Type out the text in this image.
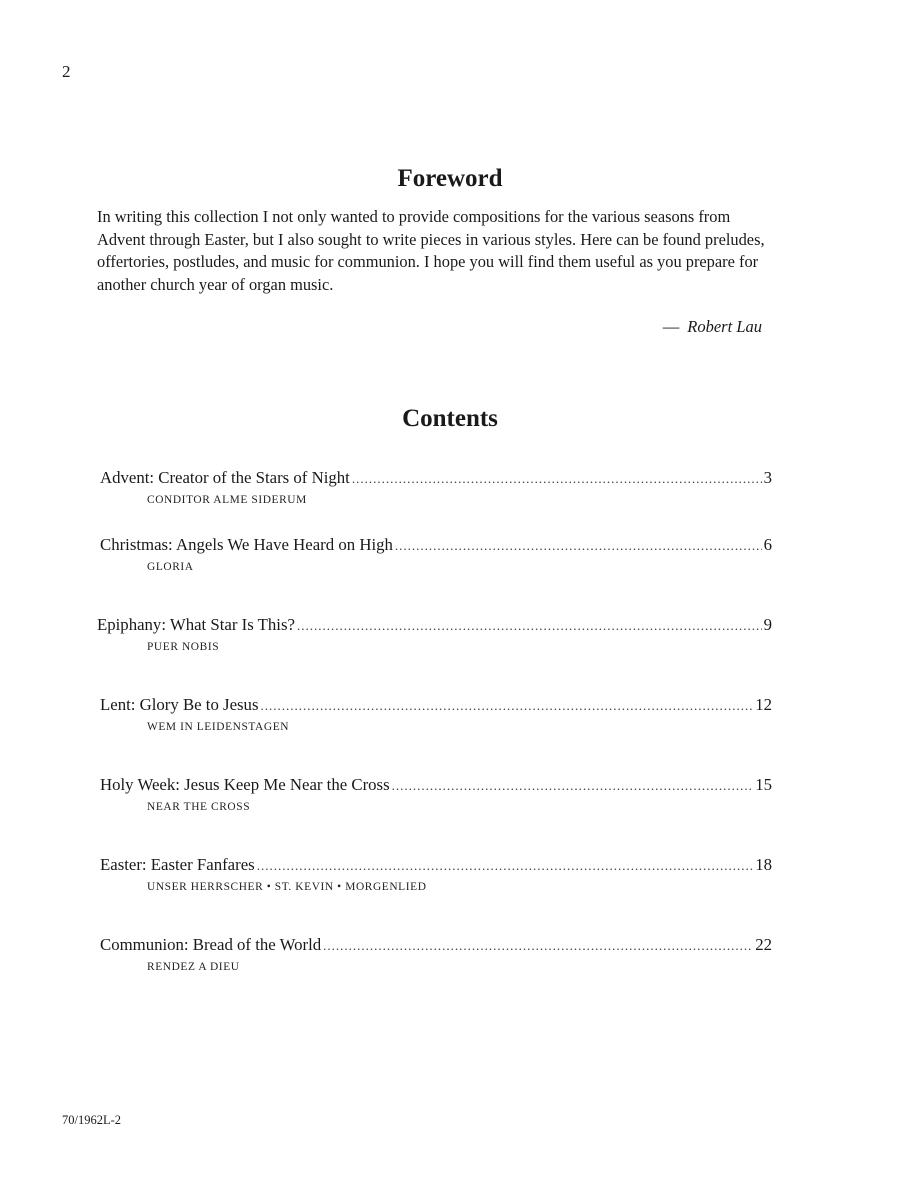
2
Foreword

In writing this collection I not only wanted to provide compositions for the various seasons from Advent through Easter, but I also sought to write pieces in various styles. Here can be found preludes, offertories, postludes, and music for communion. I hope you will find them useful as you prepare for another church year of organ music.

— Robert Lau
Contents
Advent: Creator of the Stars of Night .....	3
CONDITOR ALME SIDERUM
Christmas: Angels We Have Heard on High .....	6
GLORIA
Epiphany: What Star Is This? .....	9
PUER NOBIS
Lent: Glory Be to Jesus .....	12
WEM IN LEIDENSTAGEN
Holy Week: Jesus Keep Me Near the Cross .....	15
NEAR THE CROSS
Easter: Easter Fanfares .....	18
UNSER HERRSCHER • ST. KEVIN • MORGENLIED
Communion: Bread of the World .....	22
RENDEZ A DIEU
70/1962L-2
